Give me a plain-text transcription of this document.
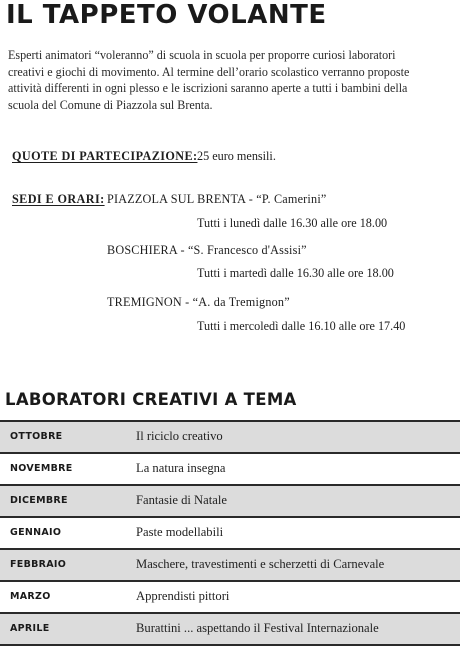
IL TAPPETO VOLANTE

Esperti animatori “voleranno” di scuola in scuola per proporre curiosi laboratori
creativi e giochi di movimento. Al termine dell’orario scolastico verranno proposte
attività differenti in ogni plesso e le iscrizioni saranno aperte a tutti i bambini della
scuola del Comune di Piazzola sul Brenta.

QUOTE DI PARTECIPAZIONE: 25 euro mensili.
SEDI E ORARI: PIAZZOLA SUL BRENTA - “P. Camerini”
Tutti i lunedì dalle 16.30 alle ore 18.00
BOSCHIERA - “S. Francesco d'Assisi”
Tutti i martedì dalle 16.30 alle ore 18.00
TREMIGNON - “A. da Tremignon”
Tutti i mercoledì dalle 16.10 alle ore 17.40
LABORATORI CREATIVI A TEMA
OTTOBRE	Il riciclo creativo
NOVEMBRE	La natura insegna
DICEMBRE	Fantasie di Natale
GENNAIO	Paste modellabili
FEBBRAIO	Maschere, travestimenti e scherzetti di Carnevale
MARZO	Apprendisti pittori
APRILE	Burattini ... aspettando il Festival Internazionale
